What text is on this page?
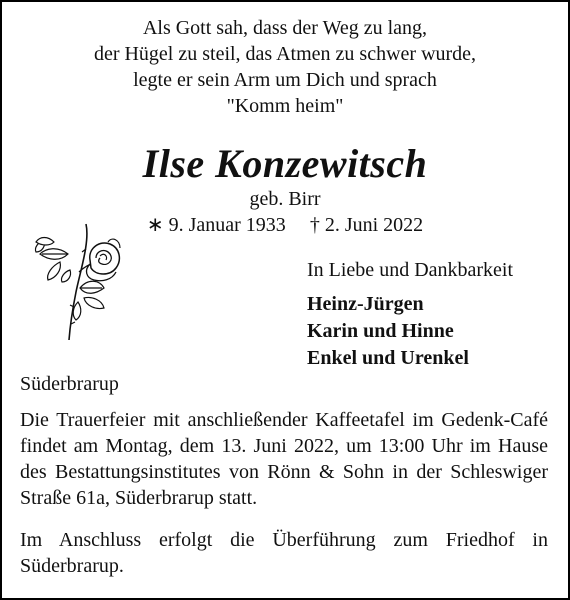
Als Gott sah, dass der Weg zu lang,
der Hügel zu steil, das Atmen zu schwer wurde,
legte er sein Arm um Dich und sprach
"Komm heim"
Ilse Konzewitsch
geb. Birr
∗ 9. Januar 1933 † 2. Juni 2022
In Liebe und Dankbarkeit
Heinz-Jürgen
Karin und Hinne
Enkel und Urenkel
Süderbrarup
Die Trauerfeier mit anschließender Kaffeetafel im Gedenk-Café findet am Montag, dem 13. Juni 2022, um 13:00 Uhr im Hause des Bestattungsinstitutes von Rönn & Sohn in der Schleswiger Straße 61a, Süderbrarup statt.
Im Anschluss erfolgt die Überführung zum Friedhof in Süderbrarup.
